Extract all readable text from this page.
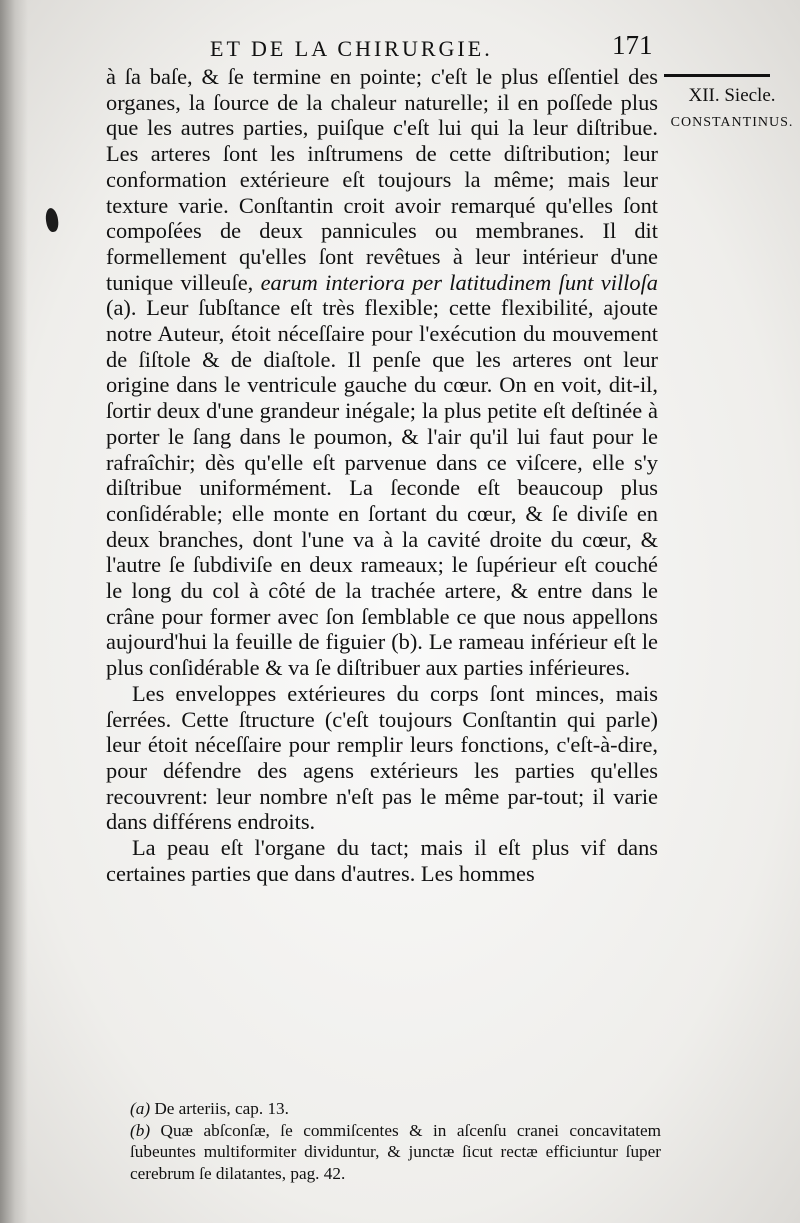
ET DE LA CHIRURGIE.	171
XII. Siecle.
CONSTANTINUS.

à ſa baſe, & ſe termine en pointe; c'eſt le plus eſſentiel des organes, la ſource de la chaleur naturelle; il en poſſede plus que les autres parties, puiſque c'eſt lui qui la leur diſtribue. Les arteres ſont les inſtrumens de cette diſtribution; leur conformation extérieure eſt toujours la même; mais leur texture varie. Conſtantin croit avoir remarqué qu'elles ſont compoſées de deux pannicules ou membranes. Il dit formellement qu'elles ſont revêtues à leur intérieur d'une tunique villeuſe, earum interiora per latitudinem ſunt villoſa (a). Leur ſubſtance eſt très flexible; cette flexibilité, ajoute notre Auteur, étoit néceſſaire pour l'exécution du mouvement de ſiſtole & de diaſtole. Il penſe que les arteres ont leur origine dans le ventricule gauche du cœur. On en voit, dit-il, ſortir deux d'une grandeur inégale; la plus petite eſt deſtinée à porter le ſang dans le poumon, & l'air qu'il lui faut pour le rafraîchir; dès qu'elle eſt parvenue dans ce viſcere, elle s'y diſtribue uniformément. La ſeconde eſt beaucoup plus conſidérable; elle monte en ſortant du cœur, & ſe diviſe en deux branches, dont l'une va à la cavité droite du cœur, & l'autre ſe ſubdiviſe en deux rameaux; le ſupérieur eſt couché le long du col à côté de la trachée artere, & entre dans le crâne pour former avec ſon ſemblable ce que nous appellons aujourd'hui la feuille de figuier (b). Le rameau inférieur eſt le plus conſidérable & va ſe diſtribuer aux parties inférieures.

Les enveloppes extérieures du corps ſont minces, mais ſerrées. Cette ſtructure (c'eſt toujours Conſtantin qui parle) leur étoit néceſſaire pour remplir leurs fonctions, c'eſt-à-dire, pour défendre des agens extérieurs les parties qu'elles recouvrent: leur nombre n'eſt pas le même par-tout; il varie dans différens endroits.

La peau eſt l'organe du tact; mais il eſt plus vif dans certaines parties que dans d'autres. Les hommes

(a) De arteriis, cap. 13.

(b) Quæ abſconſæ, ſe commiſcentes & in aſcenſu cranei concavitatem ſubeuntes multiformiter dividuntur, & junctæ ſicut rectæ efficiuntur ſuper cerebrum ſe dilatantes, pag. 42.
